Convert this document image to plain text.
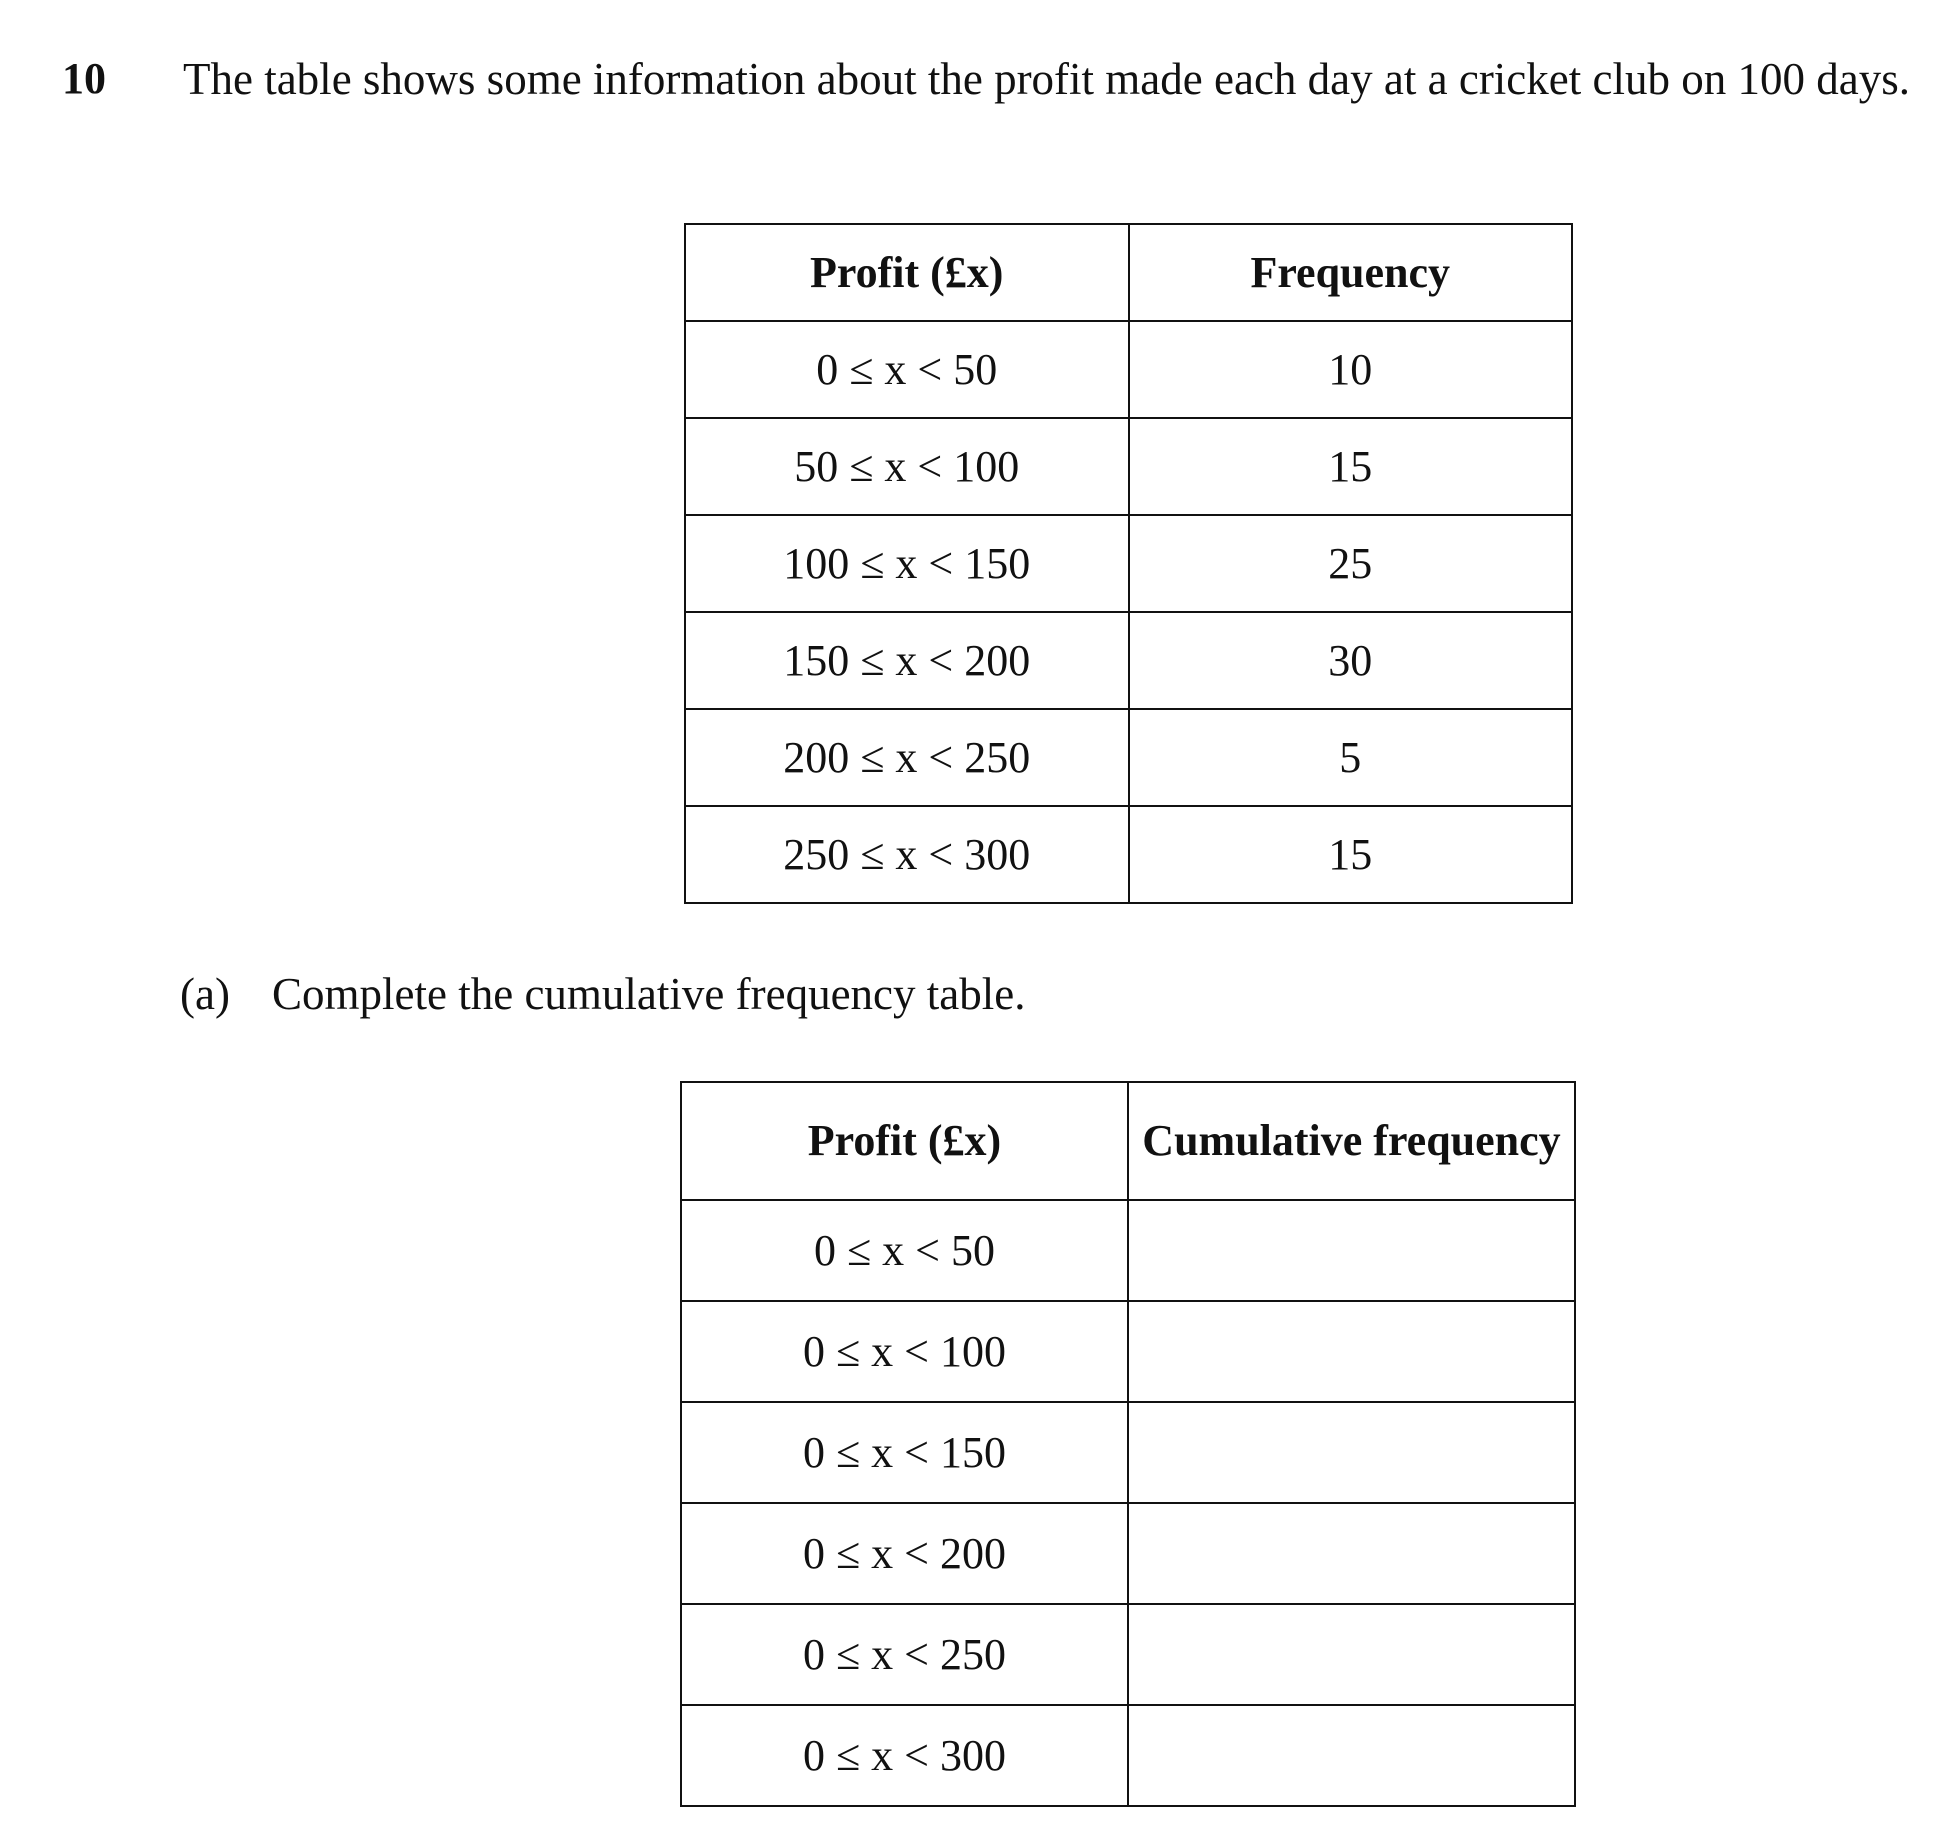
10 The table shows some information about the profit made each day at a cricket club on 100 days.
Profit (£x)	Frequency
0 ≤ x < 50	10
50 ≤ x < 100	15
100 ≤ x < 150	25
150 ≤ x < 200	30
200 ≤ x < 250	5
250 ≤ x < 300	15
(a) Complete the cumulative frequency table.
Profit (£x)	Cumulative frequency
0 ≤ x < 50	
0 ≤ x < 100	
0 ≤ x < 150	
0 ≤ x < 200	
0 ≤ x < 250	
0 ≤ x < 300	
